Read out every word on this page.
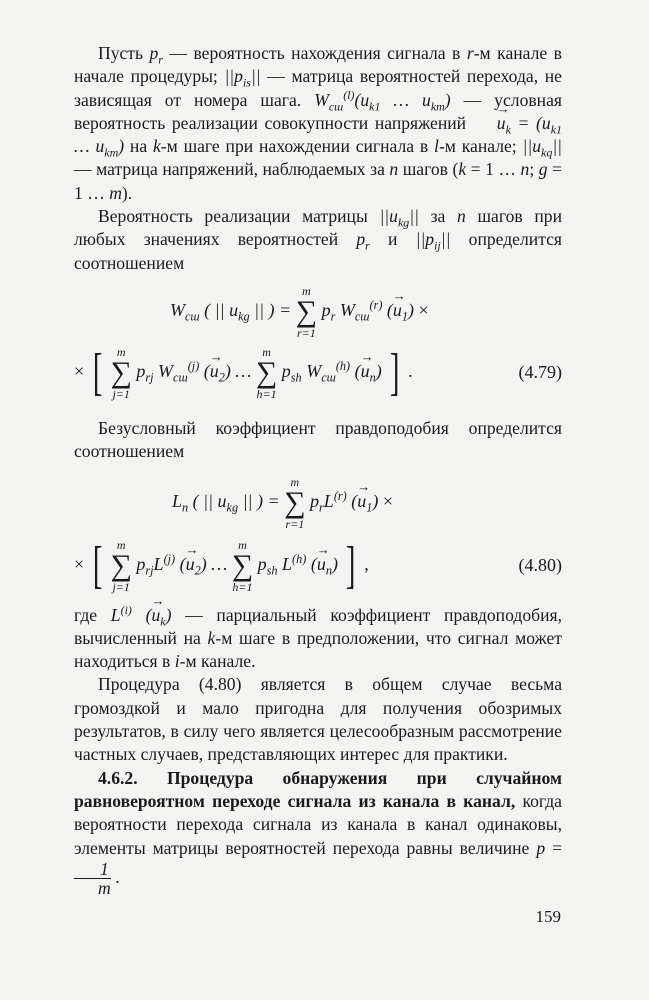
Пусть $p_r$ — вероятность нахождения сигнала в r-м канале в начале процедуры; $||p_{is}||$ — матрица вероятностей перехода, не зависящая от номера шага. $W_{сш}^{(l)}(u_{k1}$ … $u_{km}$) — условная вероятность реализации совокупности напряжений → $u_k = (u_{k1}$ … $u_{km}$) на k-м шаге при нахождении сигнала в l-м канале; $||u_{kq}||$ — матрица напряжений, наблюдаемых за n шагов (k = 1 … n; g = 1 … m).

Вероятность реализации матрицы $||u_{kg}||$ за n шагов при любых значениях вероятностей $p_r$ и $||p_{ij}||$ определится соотношением

$W_{сш}$ ( || $u_{kg}$ || ) =
m
∑
r=1
$p_r$ $W_{сш}^{(r)}$ (→ $u_1$) ×
× [ m
∑
j=1
$p_{rj}$ $W_{сш}^{(j)}$ (→ $u_2$) …
m
∑
h=1
$p_{sh}$ $W_{сш}^{(h)}$ (→ $u_n$) ] .	(4.79)

Безусловный коэффициент правдоподобия определится соотношением

$L_n$ ( || $u_{kg}$ || ) =
m
∑
r=1
$p_rL^{(r)}$ (→ $u_1$) ×
× [ m
∑
j=1
$p_{rj}L^{(j)}$ (→ $u_2$) …
m
∑
h=1
$p_{sh}$ $L^{(h)}$ (→ $u_n$) ] ,	(4.80)

где $L^{(i)}$ (→ $u_k$) — парциальный коэффициент правдоподобия, вычисленный на k-м шаге в предположении, что сигнал может находиться в i-м канале.

Процедура (4.80) является в общем случае весьма громоздкой и мало пригодна для получения обозримых результатов, в силу чего является целесообразным рассмотрение частных случаев, представляющих интерес для практики.

4.6.2. Процедура обнаружения при случайном равновероятном переходе сигнала из канала в канал, когда вероятности перехода сигнала из канала в канал одинаковы, элементы матрицы вероятностей перехода равны величине p =
$\frac{1}{m}$ .

159
